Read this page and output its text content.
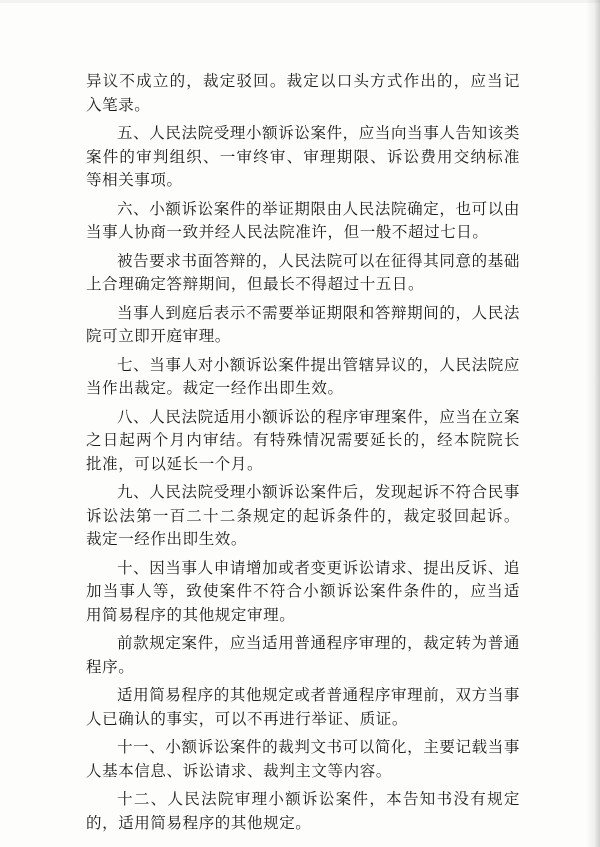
异议不成立的，裁定驳回。裁定以口头方式作出的，应当记入笔录。

五、人民法院受理小额诉讼案件，应当向当事人告知该类案件的审判组织、一审终审、审理期限、诉讼费用交纳标准等相关事项。

六、小额诉讼案件的举证期限由人民法院确定，也可以由当事人协商一致并经人民法院准许，但一般不超过七日。

被告要求书面答辩的，人民法院可以在征得其同意的基础上合理确定答辩期间，但最长不得超过十五日。

当事人到庭后表示不需要举证期限和答辩期间的，人民法院可立即开庭审理。

七、当事人对小额诉讼案件提出管辖异议的，人民法院应当作出裁定。裁定一经作出即生效。

八、人民法院适用小额诉讼的程序审理案件，应当在立案之日起两个月内审结。有特殊情况需要延长的，经本院院长批准，可以延长一个月。

九、人民法院受理小额诉讼案件后，发现起诉不符合民事诉讼法第一百二十二条规定的起诉条件的，裁定驳回起诉。裁定一经作出即生效。

十、因当事人申请增加或者变更诉讼请求、提出反诉、追加当事人等，致使案件不符合小额诉讼案件条件的，应当适用简易程序的其他规定审理。

前款规定案件，应当适用普通程序审理的，裁定转为普通程序。

适用简易程序的其他规定或者普通程序审理前，双方当事人已确认的事实，可以不再进行举证、质证。

十一、小额诉讼案件的裁判文书可以简化，主要记载当事人基本信息、诉讼请求、裁判主文等内容。

十二、人民法院审理小额诉讼案件，本告知书没有规定的，适用简易程序的其他规定。
